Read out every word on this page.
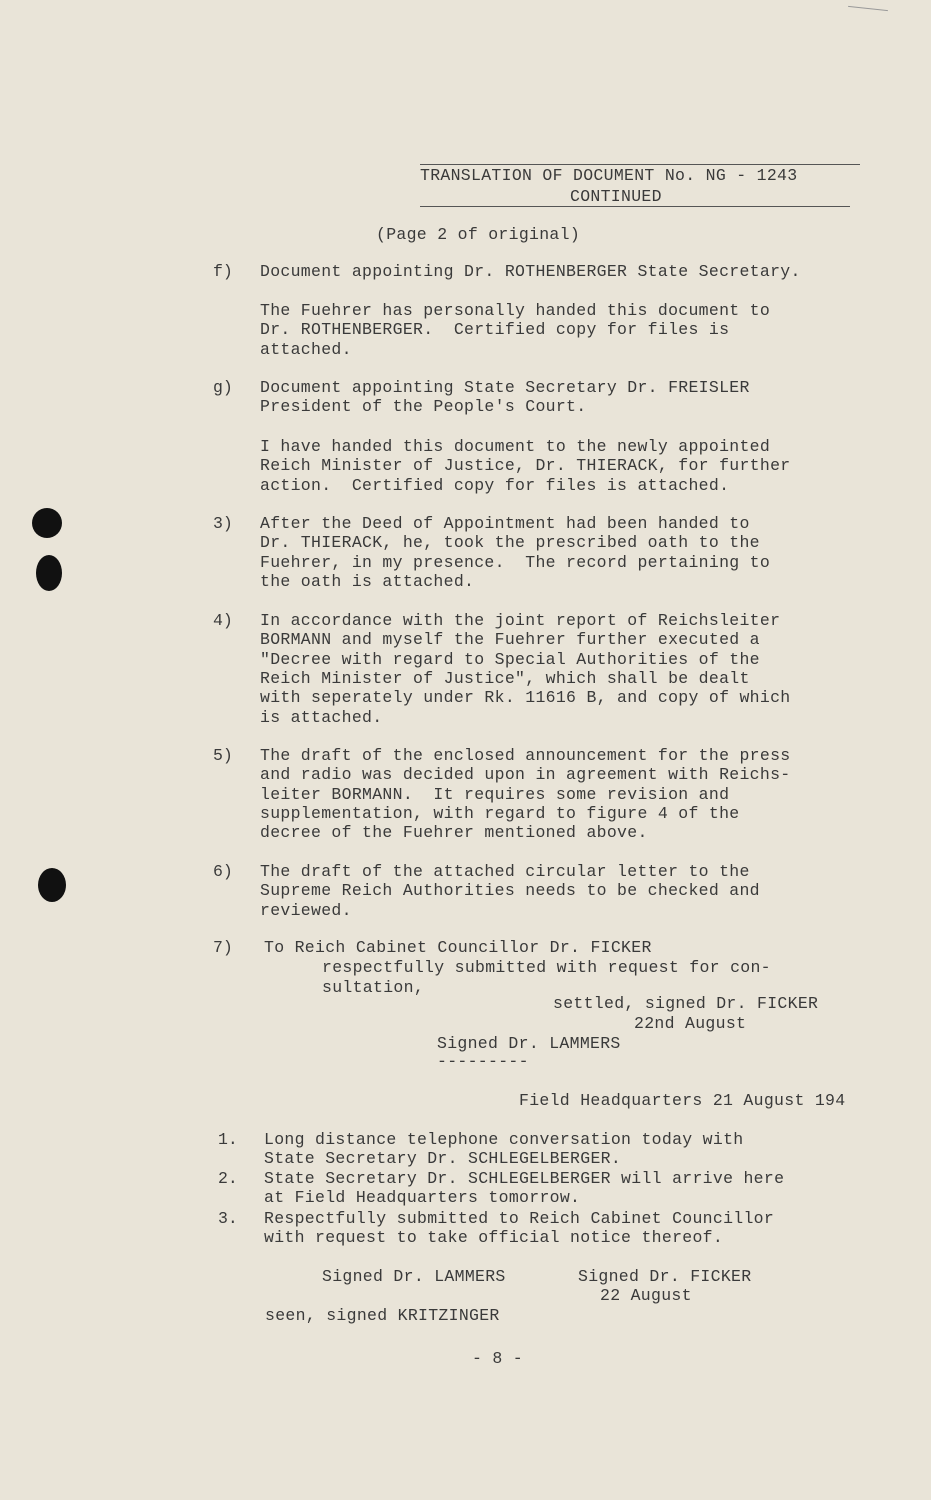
TRANSLATION OF DOCUMENT No. NG - 1243
CONTINUED
(Page 2 of original)
f) Document appointing Dr. ROTHENBERGER State Secretary.
The Fuehrer has personally handed this document to
Dr. ROTHENBERGER.  Certified copy for files is
attached.
g) Document appointing State Secretary Dr. FREISLER
President of the People's Court.
I have handed this document to the newly appointed
Reich Minister of Justice, Dr. THIERACK, for further
action.  Certified copy for files is attached.
3) After the Deed of Appointment had been handed to
Dr. THIERACK, he, took the prescribed oath to the
Fuehrer, in my presence.  The record pertaining to
the oath is attached.
4) In accordance with the joint report of Reichsleiter
BORMANN and myself the Fuehrer further executed a
"Decree with regard to Special Authorities of the
Reich Minister of Justice", which shall be dealt
with seperately under Rk. 11616 B, and copy of which
is attached.
5) The draft of the enclosed announcement for the press
and radio was decided upon in agreement with Reichs-
leiter BORMANN.  It requires some revision and
supplementation, with regard to figure 4 of the
decree of the Fuehrer mentioned above.
6) The draft of the attached circular letter to the
Supreme Reich Authorities needs to be checked and
reviewed.
7) To Reich Cabinet Councillor Dr. FICKER
respectfully submitted with request for con-
sultation,
settled, signed Dr. FICKER
22nd August
Signed Dr. LAMMERS
---------
Field Headquarters 21 August 194
1. Long distance telephone conversation today with
State Secretary Dr. SCHLEGELBERGER.
2. State Secretary Dr. SCHLEGELBERGER will arrive here
at Field Headquarters tomorrow.
3. Respectfully submitted to Reich Cabinet Councillor
with request to take official notice thereof.
Signed Dr. LAMMERS	Signed Dr. FICKER
22 August
seen, signed KRITZINGER
- 8 -
